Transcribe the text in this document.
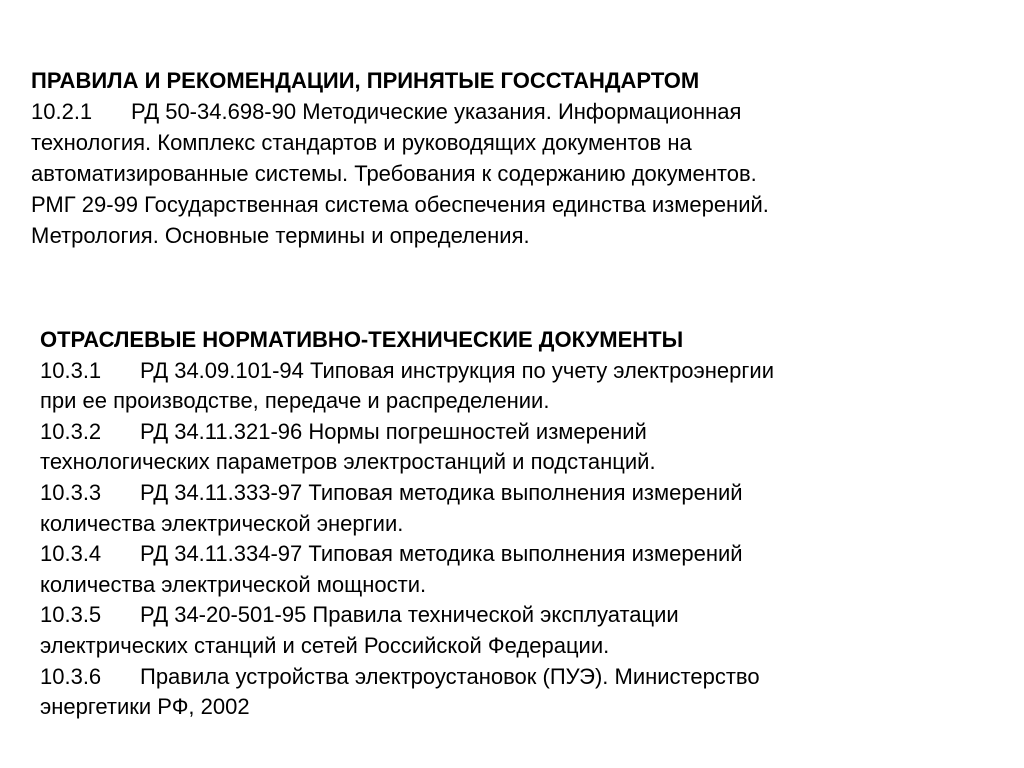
ПРАВИЛА И РЕКОМЕНДАЦИИ, ПРИНЯТЫЕ ГОССТАНДАРТОМ
10.2.1 РД 50-34.698-90 Методические указания. Информационная
технология. Комплекс стандартов и руководящих документов на
автоматизированные системы. Требования к содержанию документов.
РМГ 29-99 Государственная система обеспечения единства измерений.
Метрология. Основные термины и определения.
ОТРАСЛЕВЫЕ НОРМАТИВНО-ТЕХНИЧЕСКИЕ ДОКУМЕНТЫ
10.3.1 РД 34.09.101-94 Типовая инструкция по учету электроэнергии
при ее производстве, передаче и распределении.
10.3.2 РД 34.11.321-96 Нормы погрешностей измерений
технологических параметров электростанций и подстанций.
10.3.3 РД 34.11.333-97 Типовая методика выполнения измерений
количества электрической энергии.
10.3.4 РД 34.11.334-97 Типовая методика выполнения измерений
количества электрической мощности.
10.3.5 РД 34-20-501-95 Правила технической эксплуатации
электрических станций и сетей Российской Федерации.
10.3.6 Правила устройства электроустановок (ПУЭ). Министерство
энергетики РФ, 2002
